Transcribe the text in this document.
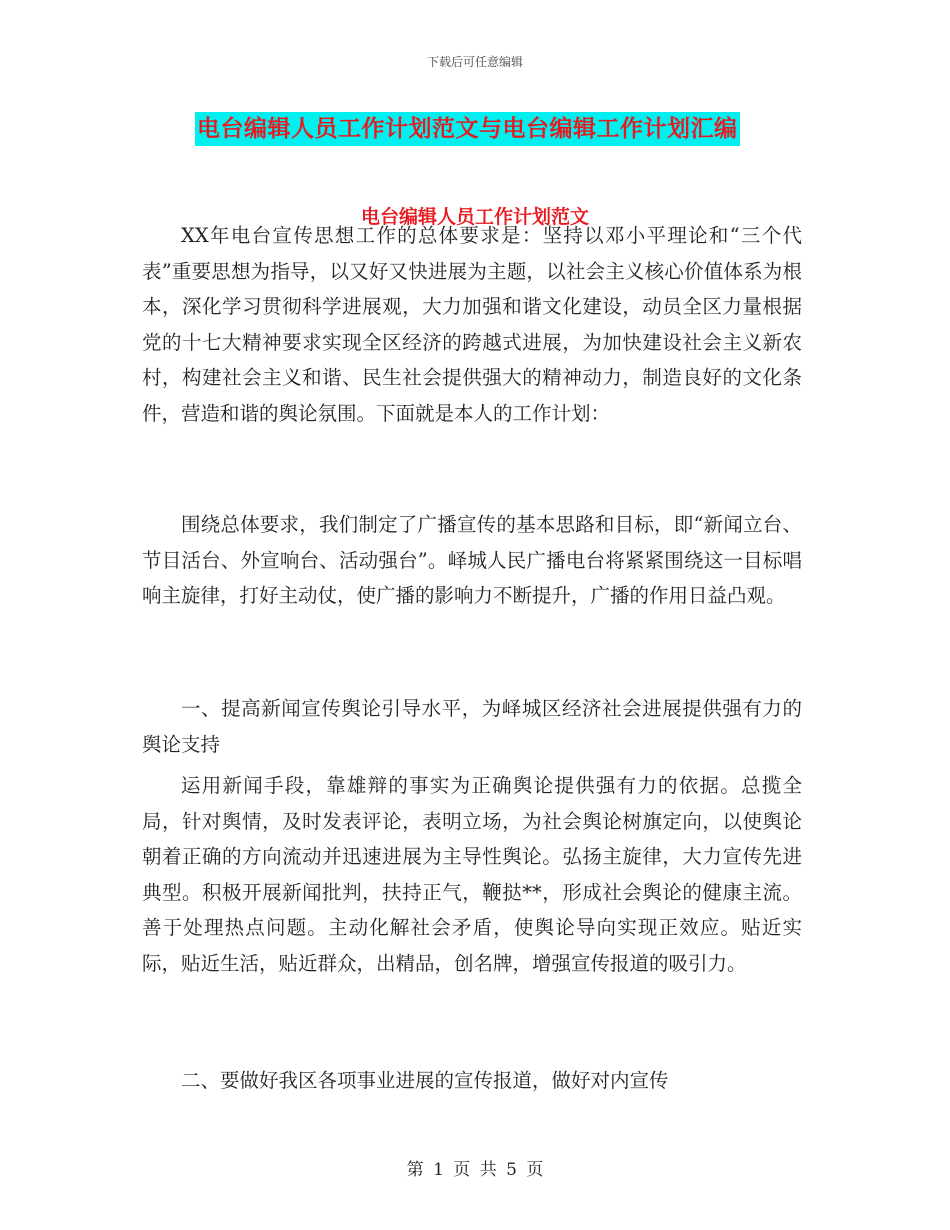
下载后可任意编辑
电台编辑人员工作计划范文与电台编辑工作计划汇编
电台编辑人员工作计划范文

XX年电台宣传思想工作的总体要求是：坚持以邓小平理论和“三个代表”重要思想为指导，以又好又快进展为主题，以社会主义核心价值体系为根本，深化学习贯彻科学进展观，大力加强和谐文化建设，动员全区力量根据党的十七大精神要求实现全区经济的跨越式进展，为加快建设社会主义新农村，构建社会主义和谐、民生社会提供强大的精神动力，制造良好的文化条件，营造和谐的舆论氛围。下面就是本人的工作计划：

围绕总体要求，我们制定了广播宣传的基本思路和目标，即“新闻立台、节目活台、外宣响台、活动强台”。峄城人民广播电台将紧紧围绕这一目标唱响主旋律，打好主动仗，使广播的影响力不断提升，广播的作用日益凸观。

一、提高新闻宣传舆论引导水平，为峄城区经济社会进展提供强有力的舆论支持

运用新闻手段，靠雄辩的事实为正确舆论提供强有力的依据。总揽全局，针对舆情，及时发表评论，表明立场，为社会舆论树旗定向，以使舆论朝着正确的方向流动并迅速进展为主导性舆论。弘扬主旋律，大力宣传先进典型。积极开展新闻批判，扶持正气，鞭挞**，形成社会舆论的健康主流。 善于处理热点问题。主动化解社会矛盾，使舆论导向实现正效应。贴近实际，贴近生活，贴近群众，出精品，创名牌，增强宣传报道的吸引力。

二、要做好我区各项事业进展的宣传报道，做好对内宣传

第 1 页 共 5 页
